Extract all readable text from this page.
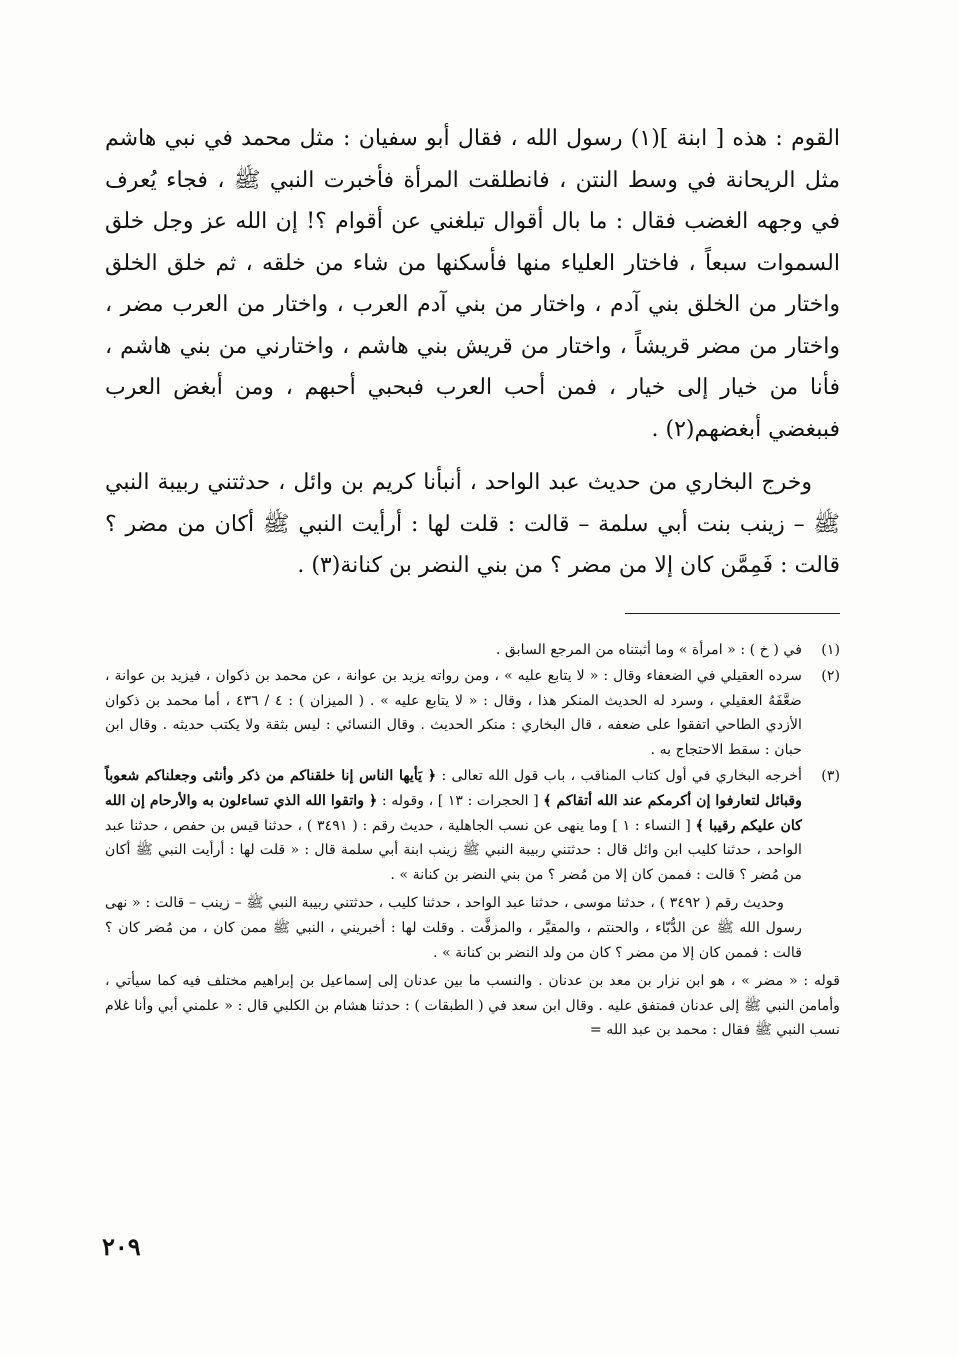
القوم : هذه [ ابنة ](١) رسول الله ، فقال أبو سفيان : مثل محمد في نبي هاشم مثل الريحانة في وسط النتن ، فانطلقت المرأة فأخبرت النبي ﷺ ، فجاء يُعرف في وجهه الغضب فقال : ما بال أقوال تبلغني عن أقوام ؟! إن الله عز وجل خلق السموات سبعاً ، فاختار العلياء منها فأسكنها من شاء من خلقه ، ثم خلق الخلق واختار من الخلق بني آدم ، واختار من بني آدم العرب ، واختار من العرب مضر ، واختار من مضر قريشاً ، واختار من قريش بني هاشم ، واختارني من بني هاشم ، فأنا من خيار إلى خيار ، فمن أحب العرب فبحبي أحبهم ، ومن أبغض العرب فببغضي أبغضهم(٢) .

وخرج البخاري من حديث عبد الواحد ، أنبأنا كريم بن وائل ، حدثتني ربيبة النبي ﷺ – زينب بنت أبي سلمة – قالت : قلت لها : أرأيت النبي ﷺ أكان من مضر ؟ قالت : فَمِمَّن كان إلا من مضر ؟ من بني النضر بن كنانة(٣) .

(١)

في ( خ ) : « امرأة » وما أثبتناه من المرجع السابق .

(٢)

سرده العقيلي في الضعفاء وقال : « لا يتابع عليه » ، ومن رواته يزيد بن عوانة ، عن محمد بن ذكوان ، فيزيد بن عوانة ، ضعَّفَهُ العقيلي ، وسرد له الحديث المنكر هذا ، وقال : « لا يتابع عليه » . ( الميزان ) : ٤ / ٤٣٦ ، أما محمد بن ذكوان الأزدي الطاحي اتفقوا على ضعفه ، قال البخاري : منكر الحديث . وقال النسائي : ليس بثقة ولا يكتب حديثه . وقال ابن حبان : سقط الاحتجاج به .

(٣)

أخرجه البخاري في أول كتاب المناقب ، باب قول الله تعالى : ﴿ يَأيها الناس إنا خلقناكم من ذكر وأنثى وجعلناكم شعوباً وقبائل لتعارفوا إن أكرمكم عند الله أتقاكم ﴾ [ الحجرات : ١٣ ] ، وقوله : ﴿ واتقوا الله الذي تساءلون به والأرحام إن الله كان عليكم رقيبا ﴾ [ النساء : ١ ] وما ينهى عن نسب الجاهلية ، حديث رقم : ( ٣٤٩١ ) ، حدثنا قيس بن حفص ، حدثنا عبد الواحد ، حدثنا كليب ابن وائل قال : حدثتني ربيبة النبي ﷺ زينب ابنة أبي سلمة قال : « قلت لها : أرأيت النبي ﷺ أكان من مُضر ؟ قالت : فممن كان إلا من مُضر ؟ من بني النضر بن كنانة » .

وحديث رقم ( ٣٤٩٢ ) ، حدثنا موسى ، حدثنا عبد الواحد ، حدثنا كليب ، حدثتني ربيبة النبي ﷺ – زينب – قالت : « نهى رسول الله ﷺ عن الدُّبّاء ، والحنتم ، والمقيَّر ، والمزفَّت . وقلت لها : أخبريني ، النبي ﷺ ممن كان ، من مُضر كان ؟ قالت : فممن كان إلا من مضر ؟ كان من ولد النضر بن كنانة » .

قوله : « مضر » ، هو ابن نزار بن معد بن عدنان . والنسب ما بين عدنان إلى إسماعيل بن إبراهيم مختلف فيه كما سيأتي ، وأمامن النبي ﷺ إلى عدنان فمتفق عليه . وقال ابن سعد في ( الطبقات ) : حدثنا هشام بن الكلبي قال : « علمني أبي وأنا غلام نسب النبي ﷺ فقال : محمد بن عبد الله =

٢٠٩
